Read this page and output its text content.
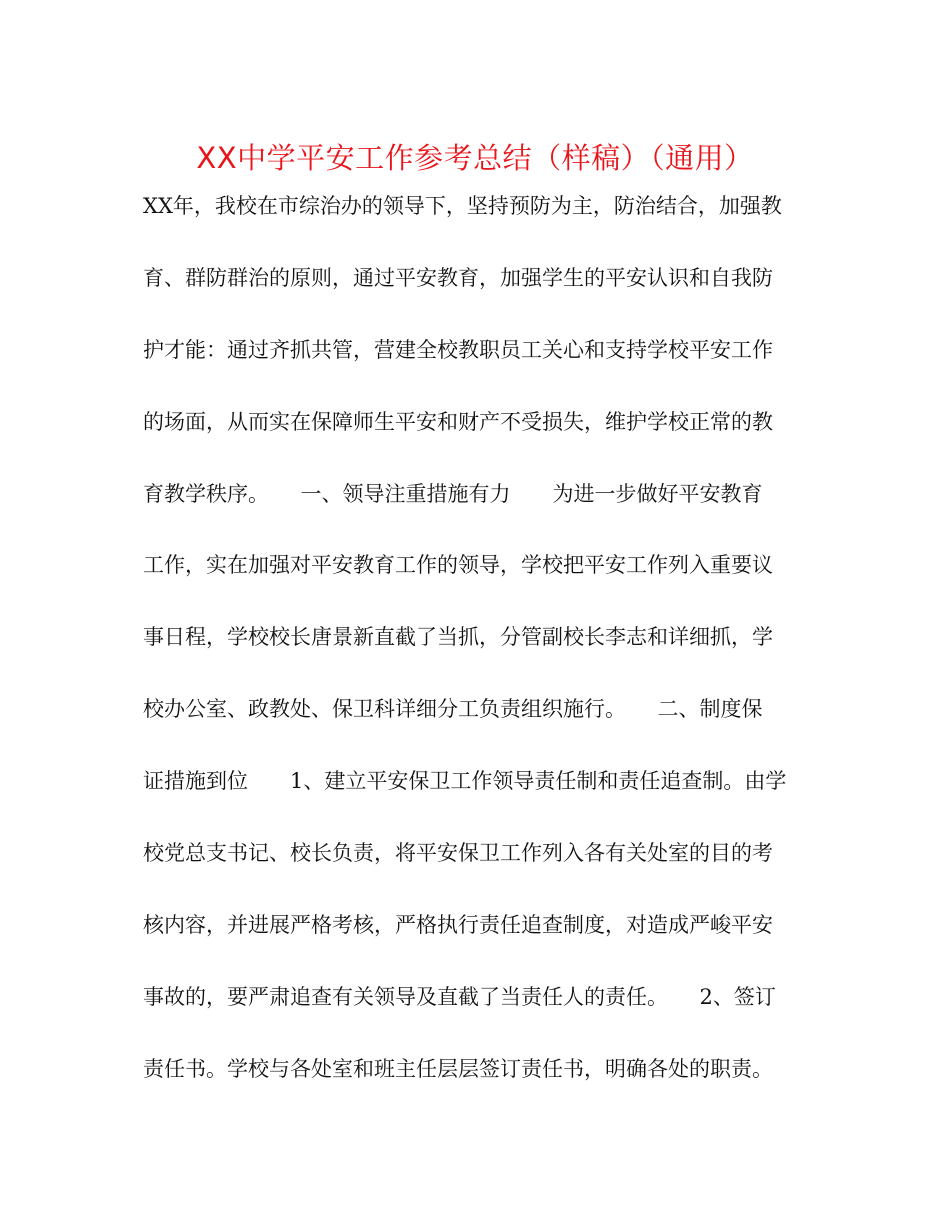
XX中学平安工作参考总结（样稿）（通用）
XX年，我校在市综治办的领导下，坚持预防为主，防治结合，加强教
育、群防群治的原则，通过平安教育，加强学生的平安认识和自我防
护才能：通过齐抓共管，营建全校教职员工关心和支持学校平安工作
的场面，从而实在保障师生平安和财产不受损失，维护学校正常的教
育教学秩序。　　一、领导注重措施有力　　为进一步做好平安教育
工作，实在加强对平安教育工作的领导，学校把平安工作列入重要议
事日程，学校校长唐景新直截了当抓，分管副校长李志和详细抓，学
校办公室、政教处、保卫科详细分工负责组织施行。　　二、制度保
证措施到位　　1、建立平安保卫工作领导责任制和责任追查制。由学
校党总支书记、校长负责，将平安保卫工作列入各有关处室的目的考
核内容，并进展严格考核，严格执行责任追查制度，对造成严峻平安
事故的，要严肃追查有关领导及直截了当责任人的责任。　　2、签订
责任书。学校与各处室和班主任层层签订责任书，明确各处的职责。
